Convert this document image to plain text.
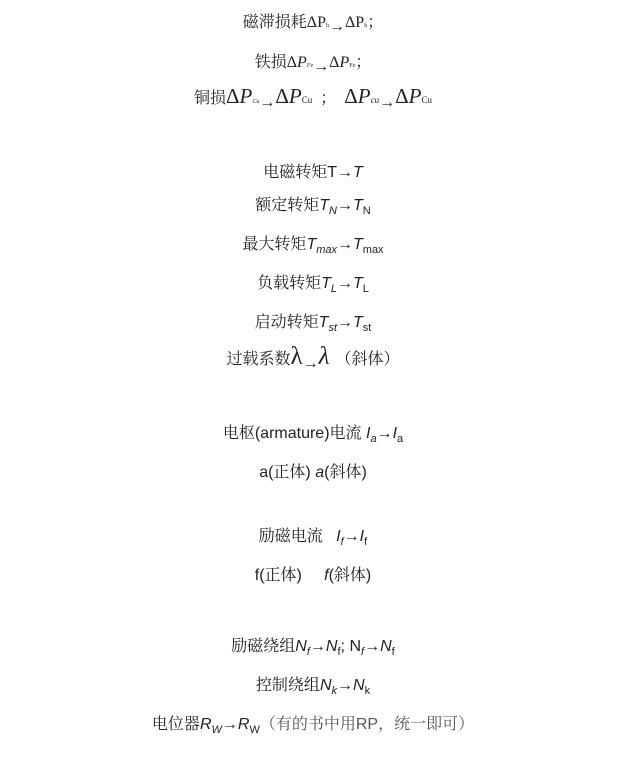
磁滞损耗ΔPh→ΔPh；
铁损ΔPFe→ΔPFe；
铜损ΔPCu→ΔPCu ； ΔPcu→ΔPCu
电磁转矩T→T
额定转矩$T_N\to T_N$
最大转矩$T_{max}\to T_{max}$
负载转矩$T_L\to T_L$
启动转矩$T_{st}\to T_{st}$
过载系数λ→λ （斜体）
电枢(armature)电流 $I_a\to I_a$
a(正体) a(斜体)
励磁电流 $I_f\to I_f$
f(正体) f(斜体)
励磁绕组$N_f\to N_f$; $N_f\to N_f$
控制绕组$N_k\to N_k$
电位器$R_W\to R_W$（有的书中用RP，统一即可）
